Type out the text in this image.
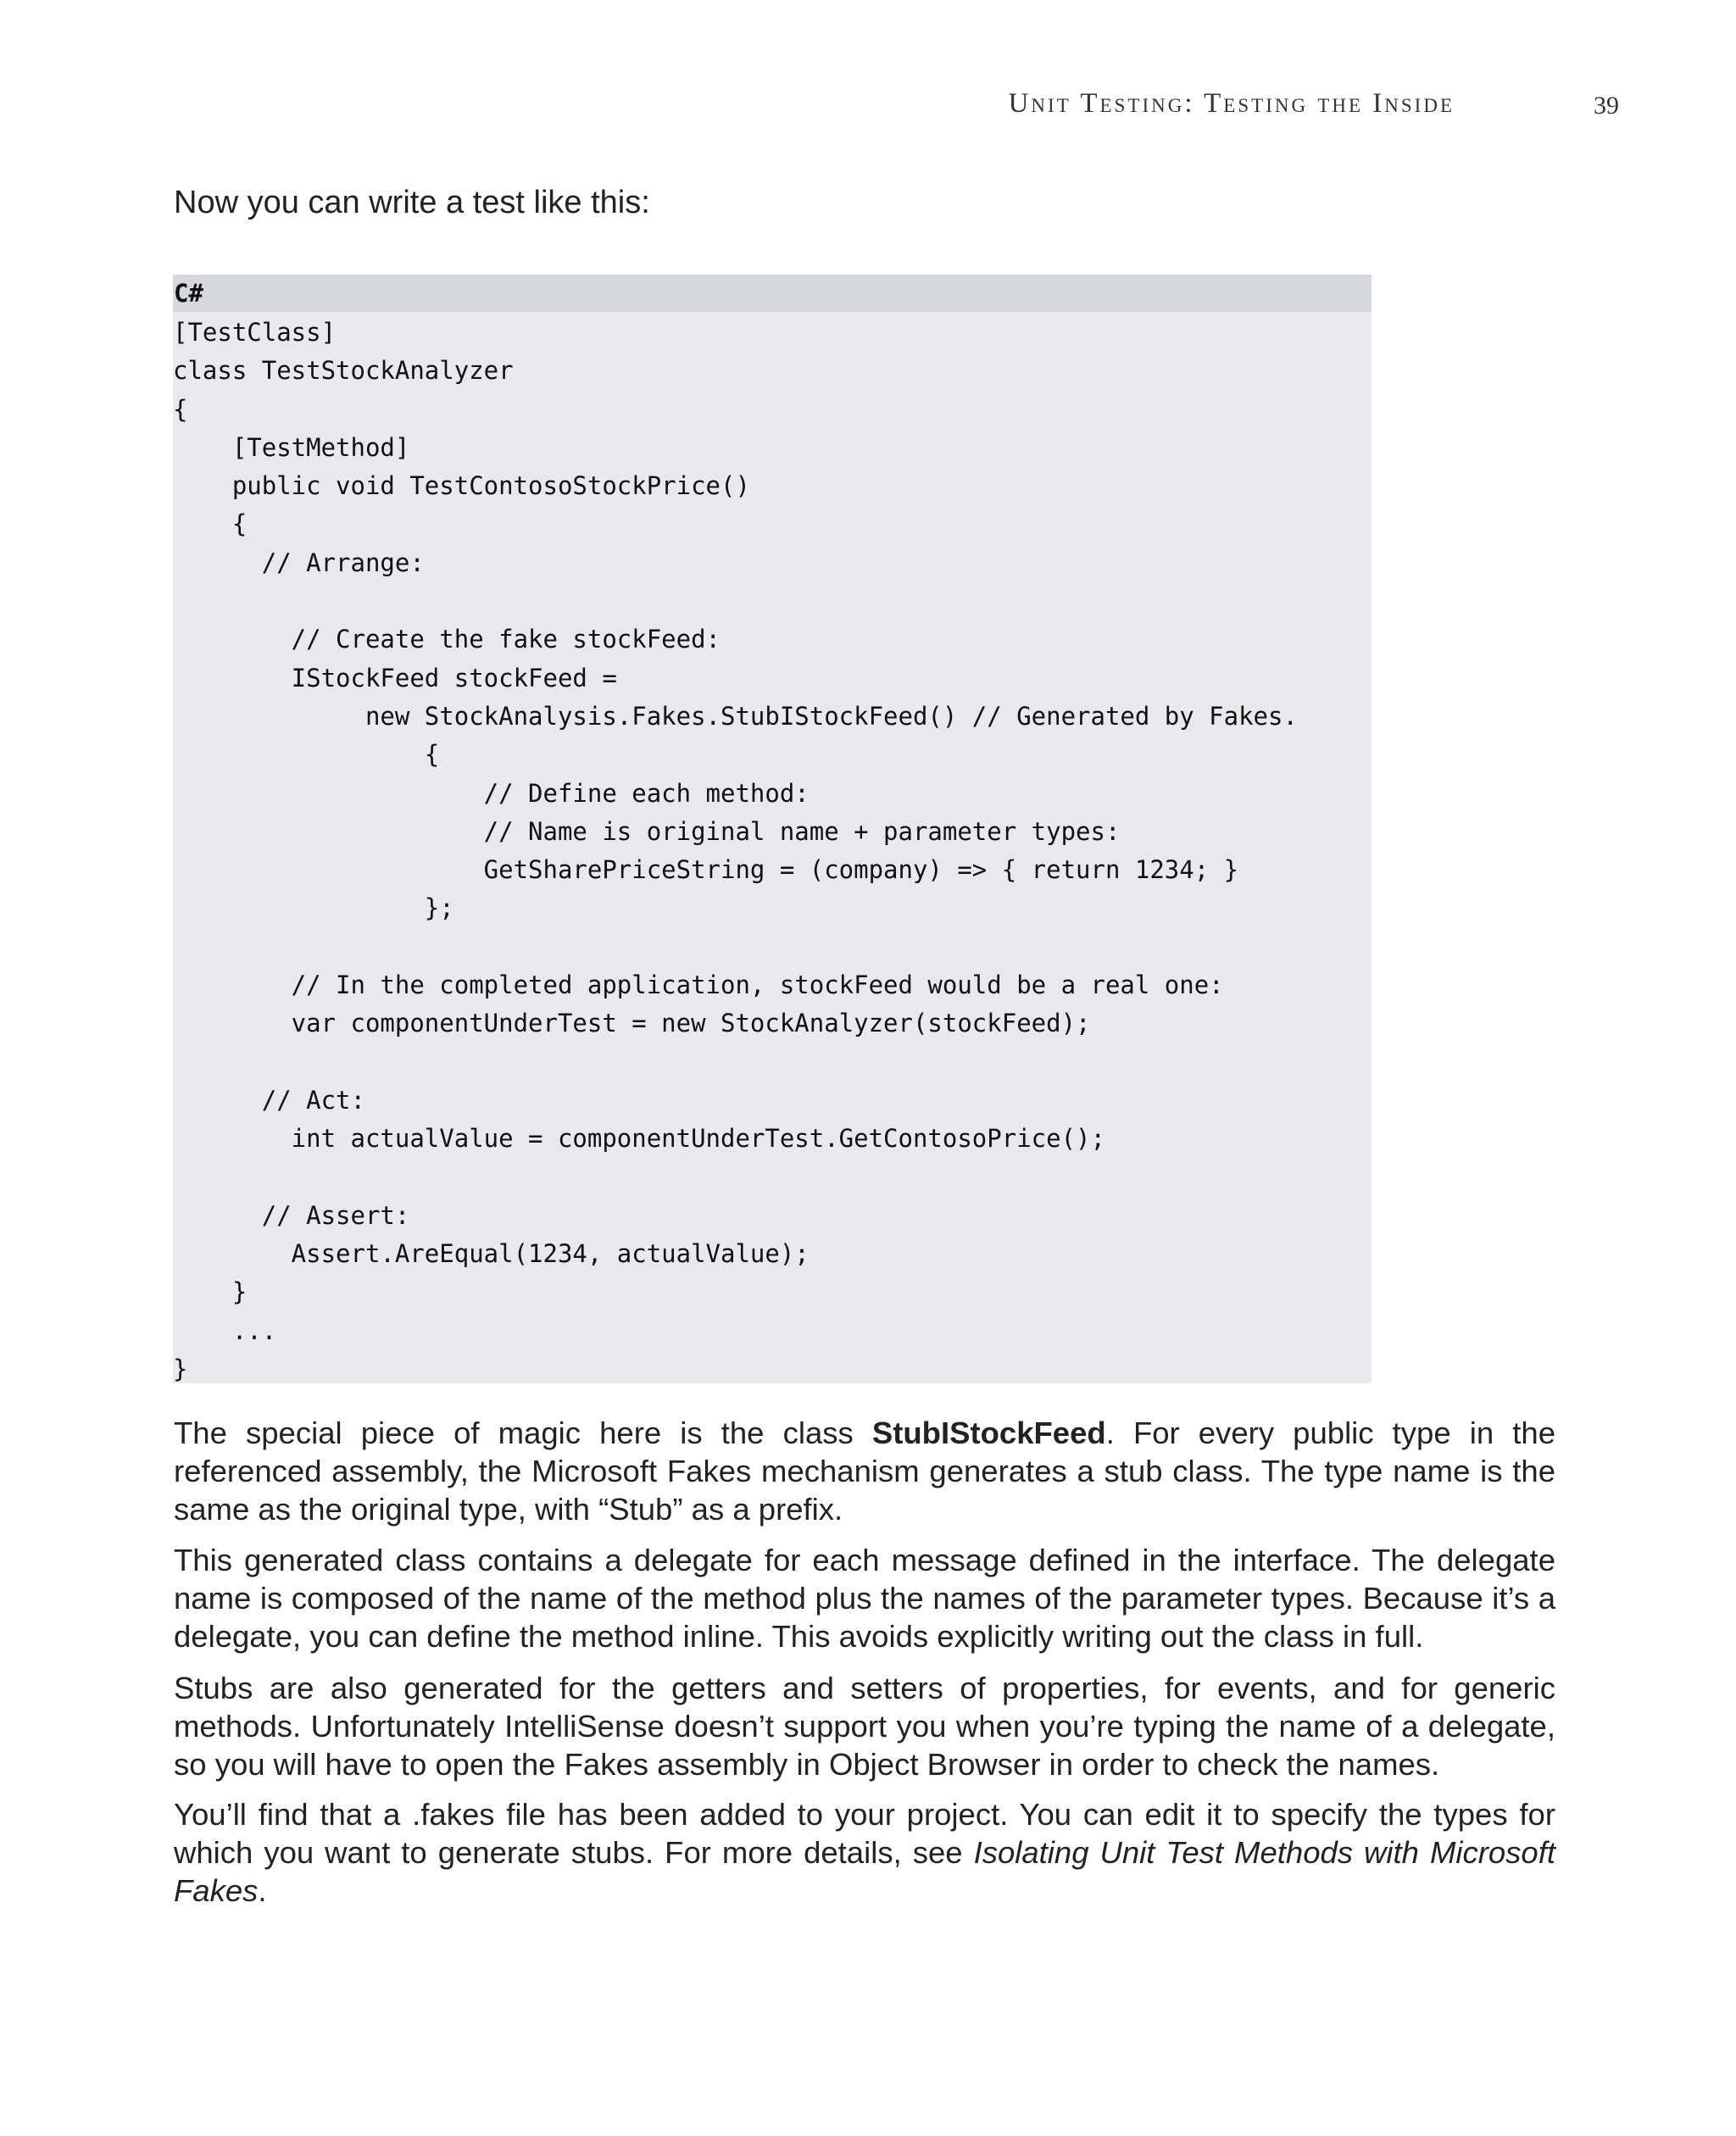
Unit Testing: Testing the Inside	39
Now you can write a test like this:
C#
[TestClass]
class TestStockAnalyzer
{
[TestMethod]
public void TestContosoStockPrice()
{
// Arrange:
// Create the fake stockFeed:
IStockFeed stockFeed =
new StockAnalysis.Fakes.StubIStockFeed() // Generated by Fakes.
{
// Define each method:
// Name is original name + parameter types:
GetSharePriceString = (company) => { return 1234; }
};
// In the completed application, stockFeed would be a real one:
var componentUnderTest = new StockAnalyzer(stockFeed);
// Act:
int actualValue = componentUnderTest.GetContosoPrice();
// Assert:
Assert.AreEqual(1234, actualValue);
}
...
}
The special piece of magic here is the class StubIStockFeed. For every public type in the referenced assembly, the Microsoft Fakes mechanism generates a stub class. The type name is the same as the original type, with “Stub” as a prefix.
This generated class contains a delegate for each message defined in the interface. The delegate name is composed of the name of the method plus the names of the parameter types. Because it’s a delegate, you can define the method inline. This avoids explicitly writing out the class in full.
Stubs are also generated for the getters and setters of properties, for events, and for generic methods. Unfortunately IntelliSense doesn’t support you when you’re typing the name of a delegate, so you will have to open the Fakes assembly in Object Browser in order to check the names.
You’ll find that a .fakes file has been added to your project. You can edit it to specify the types for which you want to generate stubs. For more details, see Isolating Unit Test Methods with Microsoft Fakes.
